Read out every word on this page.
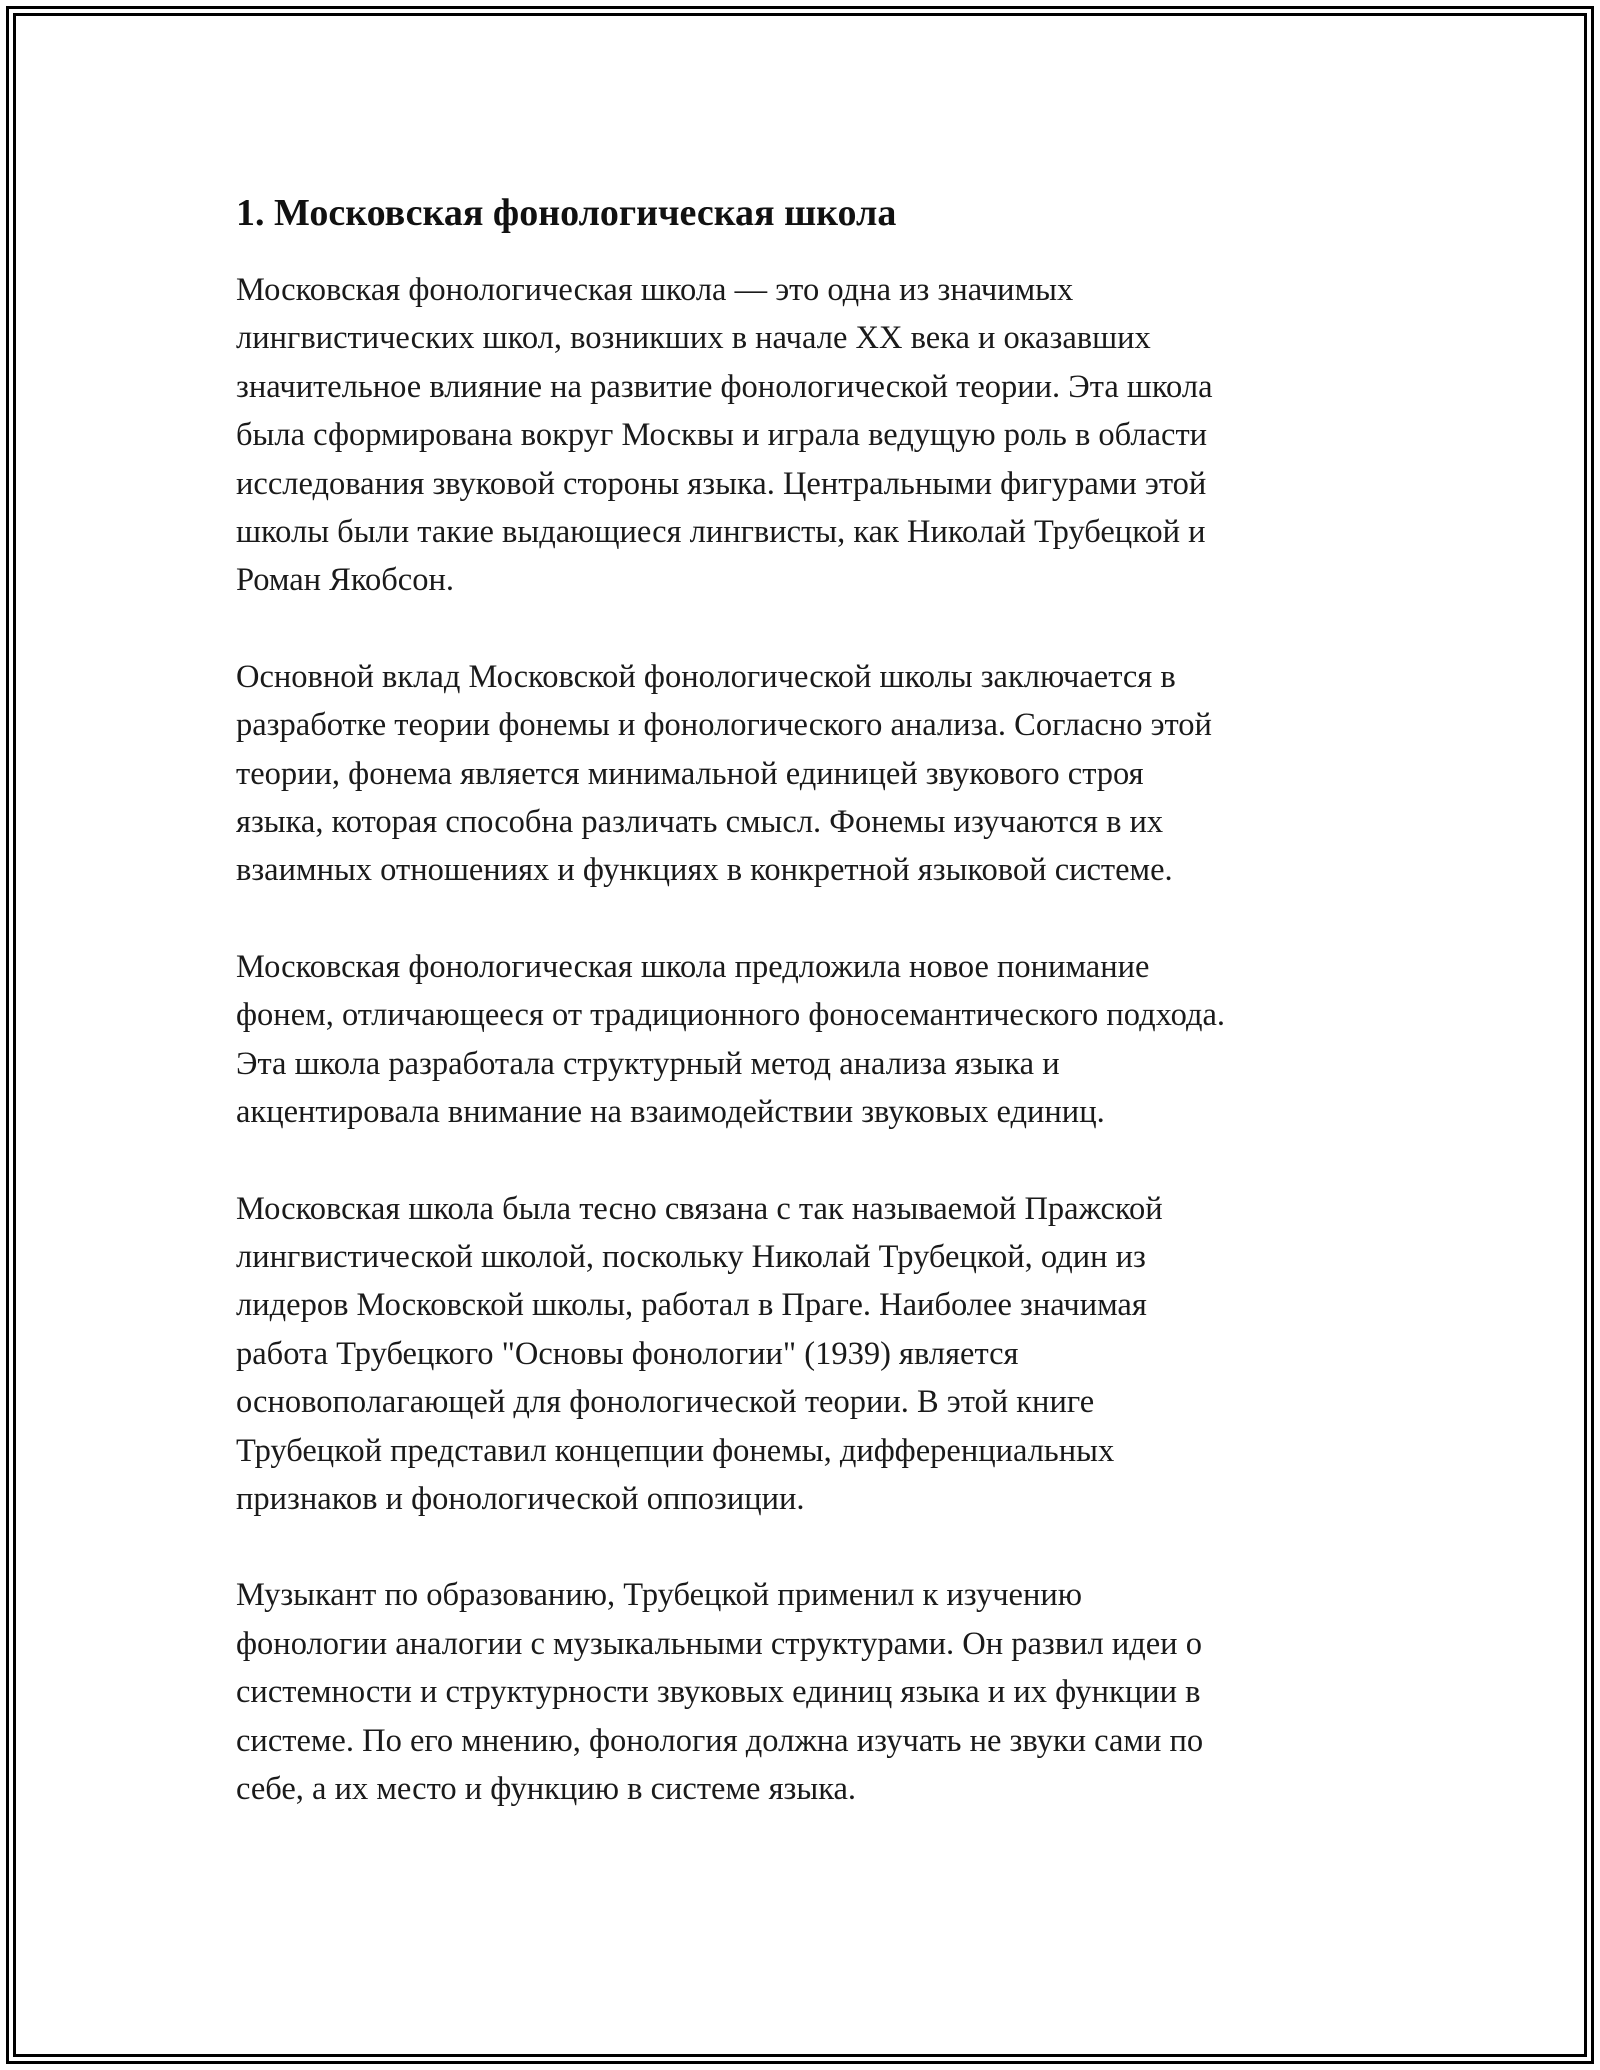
1. Московская фонологическая школа

Московская фонологическая школа — это одна из значимых
лингвистических школ, возникших в начале XX века и оказавших
значительное влияние на развитие фонологической теории. Эта школа
была сформирована вокруг Москвы и играла ведущую роль в области
исследования звуковой стороны языка. Центральными фигурами этой
школы были такие выдающиеся лингвисты, как Николай Трубецкой и
Роман Якобсон.

Основной вклад Московской фонологической школы заключается в
разработке теории фонемы и фонологического анализа. Согласно этой
теории, фонема является минимальной единицей звукового строя
языка, которая способна различать смысл. Фонемы изучаются в их
взаимных отношениях и функциях в конкретной языковой системе.

Московская фонологическая школа предложила новое понимание
фонем, отличающееся от традиционного фоносемантического подхода.
Эта школа разработала структурный метод анализа языка и
акцентировала внимание на взаимодействии звуковых единиц.

Московская школа была тесно связана с так называемой Пражской
лингвистической школой, поскольку Николай Трубецкой, один из
лидеров Московской школы, работал в Праге. Наиболее значимая
работа Трубецкого "Основы фонологии" (1939) является
основополагающей для фонологической теории. В этой книге
Трубецкой представил концепции фонемы, дифференциальных
признаков и фонологической оппозиции.

Музыкант по образованию, Трубецкой применил к изучению
фонологии аналогии с музыкальными структурами. Он развил идеи о
системности и структурности звуковых единиц языка и их функции в
системе. По его мнению, фонология должна изучать не звуки сами по
себе, а их место и функцию в системе языка.
